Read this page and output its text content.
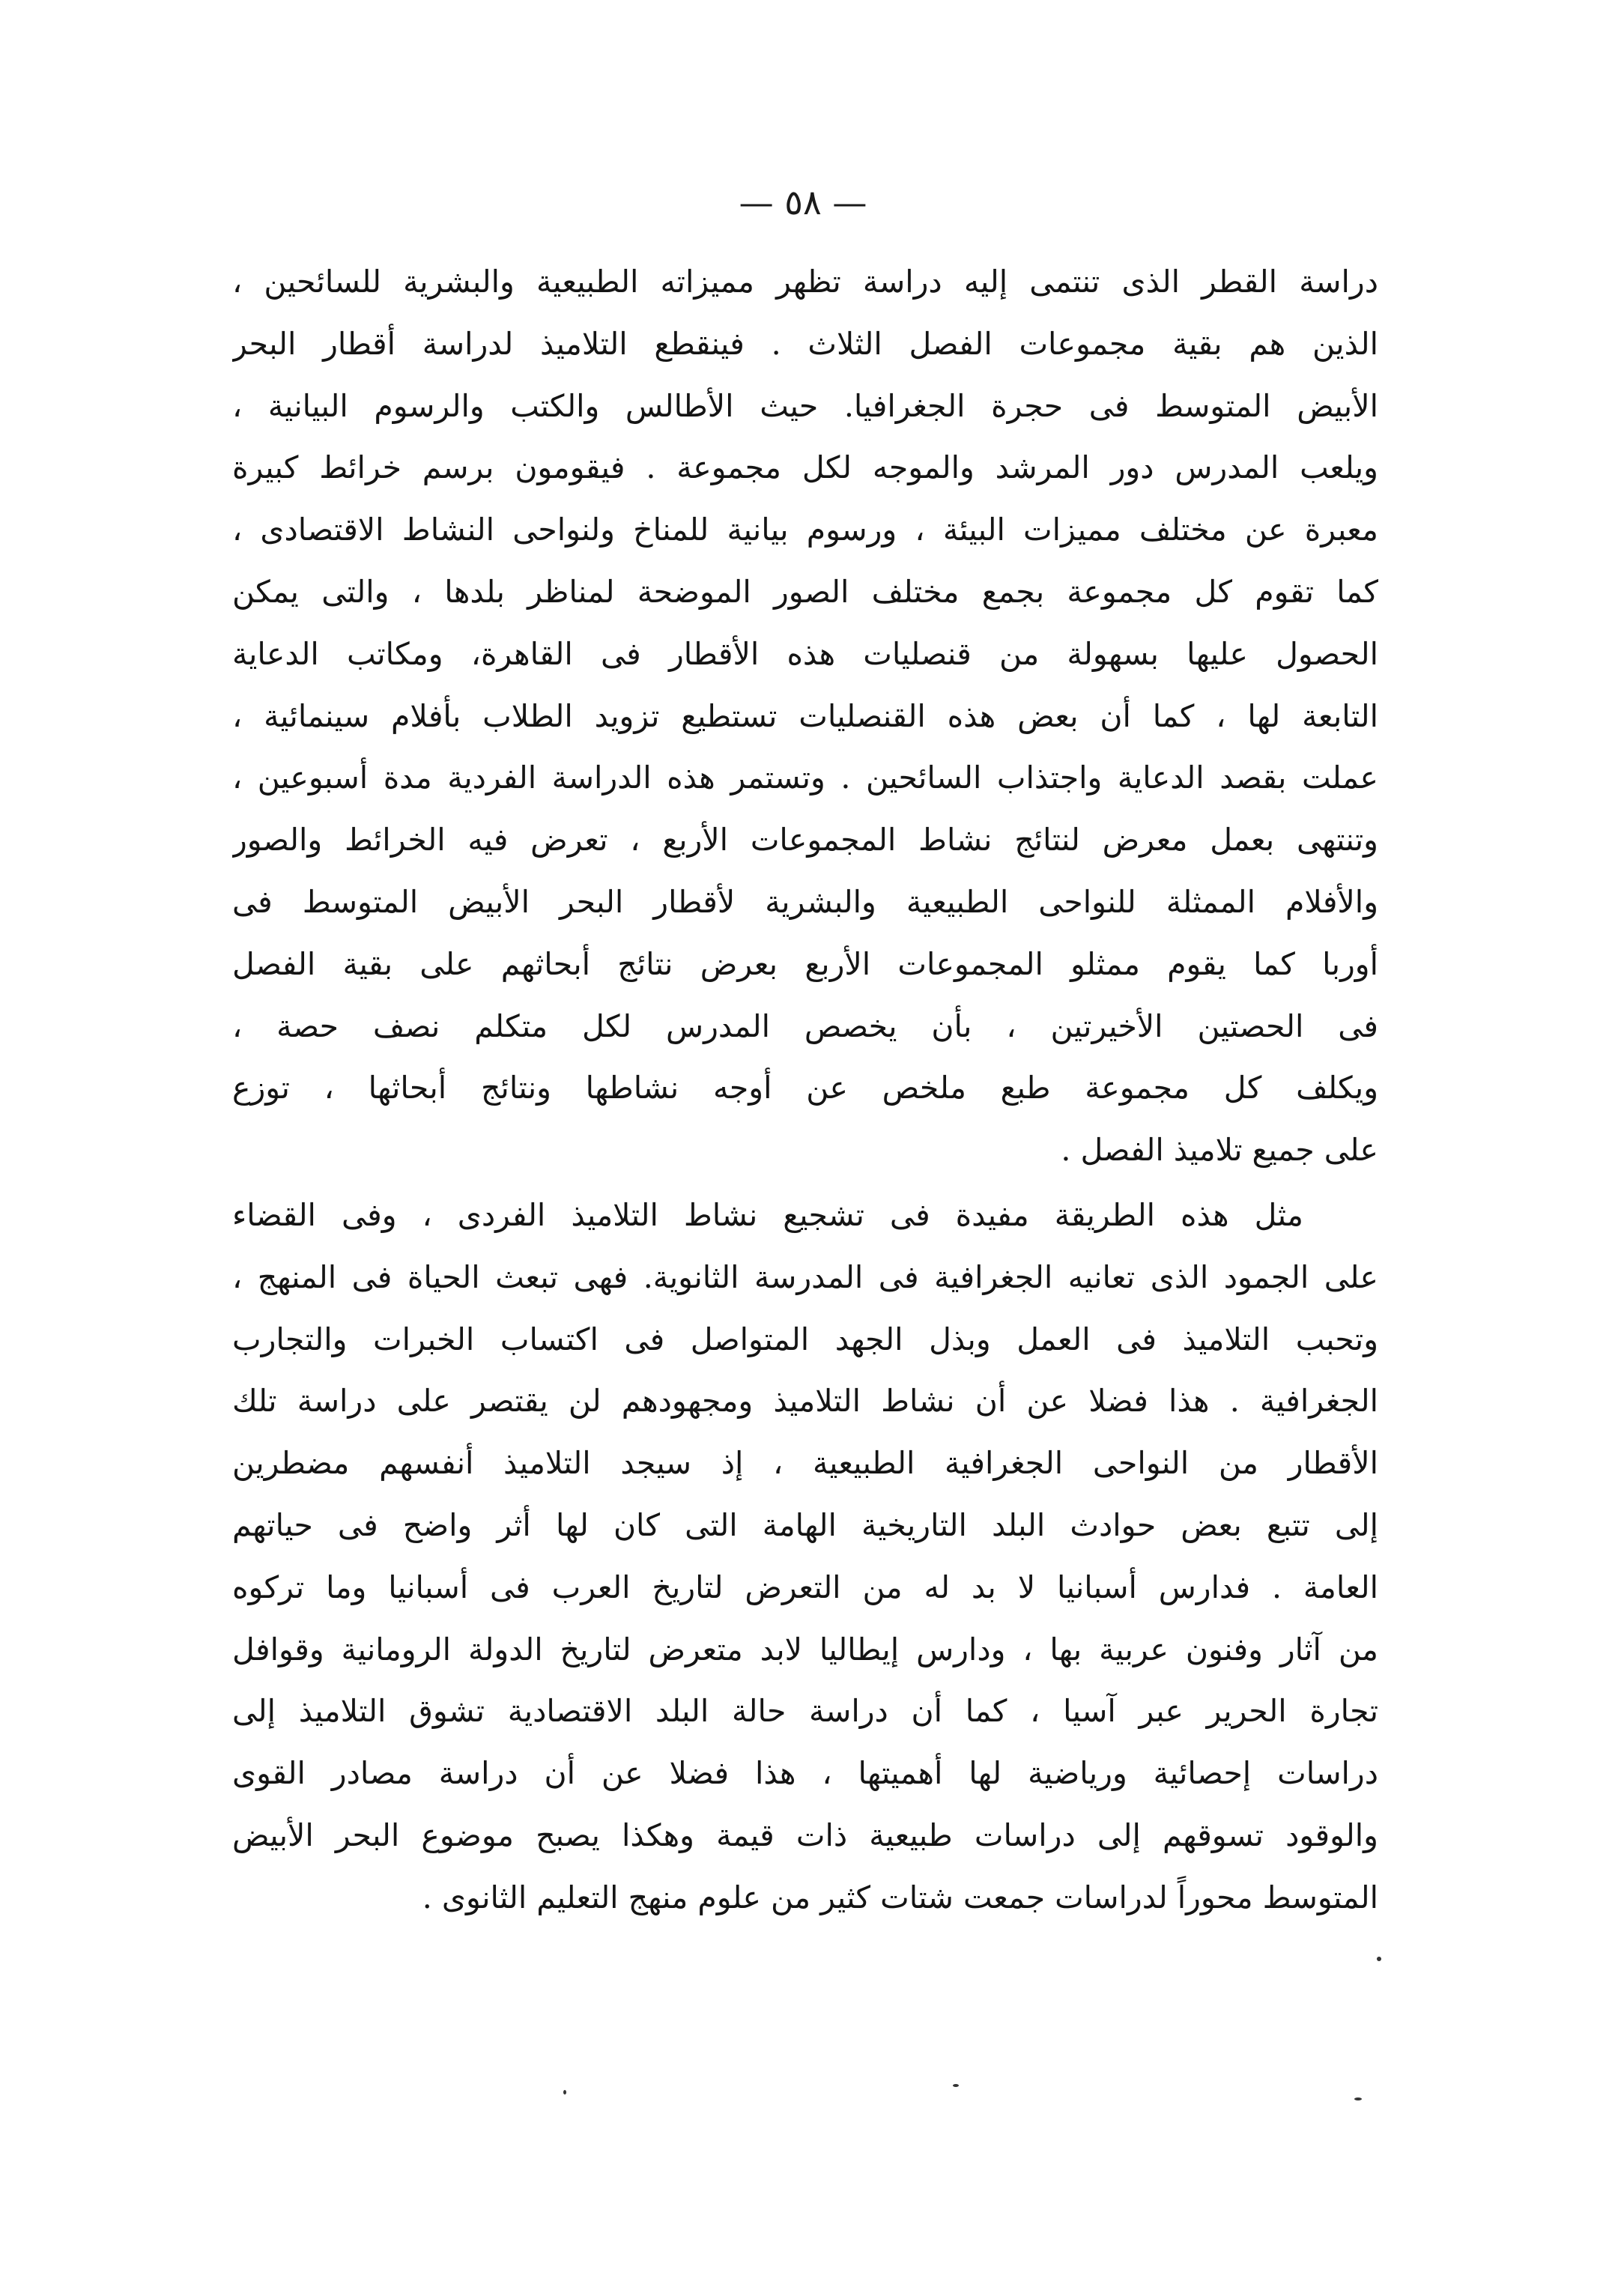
— ٥٨ —
دراسة القطر الذى تنتمى إليه دراسة تظهر مميزاته الطبيعية والبشرية للسائحين ،
الذين هم بقية مجموعات الفصل الثلاث . فينقطع التلاميذ لدراسة أقطار البحر
الأبيض المتوسط فى حجرة الجغرافيا. حيث الأطالس والكتب والرسوم البيانية ،
ويلعب المدرس دور المرشد والموجه لكل مجموعة . فيقومون برسم خرائط كبيرة
معبرة عن مختلف مميزات البيئة ، ورسوم بيانية للمناخ ولنواحى النشاط الاقتصادى ،
كما تقوم كل مجموعة بجمع مختلف الصور الموضحة لمناظر بلدها ، والتى يمكن
الحصول عليها بسهولة من قنصليات هذه الأقطار فى القاهرة، ومكاتب الدعاية
التابعة لها ، كما أن بعض هذه القنصليات تستطيع تزويد الطلاب بأفلام سينمائية ،
عملت بقصد الدعاية واجتذاب السائحين . وتستمر هذه الدراسة الفردية مدة أسبوعين ،
وتنتهى بعمل معرض لنتائج نشاط المجموعات الأربع ، تعرض فيه الخرائط والصور
والأفلام الممثلة للنواحى الطبيعية والبشرية لأقطار البحر الأبيض المتوسط فى
أوربا كما يقوم ممثلو المجموعات الأربع بعرض نتائج أبحاثهم على بقية الفصل
فى الحصتين الأخيرتين ، بأن يخصص المدرس لكل متكلم نصف حصة ،
ويكلف كل مجموعة طبع ملخص عن أوجه نشاطها ونتائج أبحاثها ، توزع
على جميع تلاميذ الفصل .
مثل هذه الطريقة مفيدة فى تشجيع نشاط التلاميذ الفردى ، وفى القضاء
على الجمود الذى تعانيه الجغرافية فى المدرسة الثانوية. فهى تبعث الحياة فى المنهج ،
وتحبب التلاميذ فى العمل وبذل الجهد المتواصل فى اكتساب الخبرات والتجارب
الجغرافية . هذا فضلا عن أن نشاط التلاميذ ومجهودهم لن يقتصر على دراسة تلك
الأقطار من النواحى الجغرافية الطبيعية ، إذ سيجد التلاميذ أنفسهم مضطرين
إلى تتبع بعض حوادث البلد التاريخية الهامة التى كان لها أثر واضح فى حياتهم
العامة . فدارس أسبانيا لا بد له من التعرض لتاريخ العرب فى أسبانيا وما تركوه
من آثار وفنون عربية بها ، ودارس إيطاليا لابد متعرض لتاريخ الدولة الرومانية وقوافل
تجارة الحرير عبر آسيا ، كما أن دراسة حالة البلد الاقتصادية تشوق التلاميذ إلى
دراسات إحصائية ورياضية لها أهميتها ، هذا فضلا عن أن دراسة مصادر القوى
والوقود تسوقهم إلى دراسات طبيعية ذات قيمة وهكذا يصبح موضوع البحر الأبيض
المتوسط محوراً لدراسات جمعت شتات كثير من علوم منهج التعليم الثانوى .
